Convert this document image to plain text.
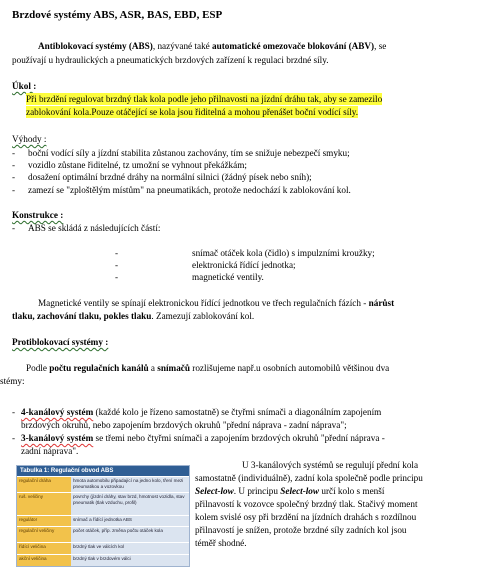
Brzdové systémy ABS, ASR, BAS, EBD, ESP
Antiblokovací systémy (ABS), nazývané také automatické omezovače blokování (ABV), se
používají u hydraulických a pneumatických brzdových zařízení k regulaci brzdné síly.
Úkol :
Při brzdění regulovat brzdný tlak kola podle jeho přilnavosti na jízdní dráhu tak, aby se zamezilo
zablokování kola.Pouze otáčející se kola jsou řiditelná a mohou přenášet boční vodící síly.
Výhody :
- boční vodící síly a jízdní stabilita zůstanou zachovány, tím se snižuje nebezpečí smyku;
- vozidlo zůstane řiditelné, tz umožní se vyhnout překážkám;
- dosažení optimální brzdné dráhy na normální silnici (žádný písek nebo sníh);
- zamezí se "zploštělým místům" na pneumatikách, protože nedochází k zablokování kol.
Konstrukce :
- ABS se skládá z následujících částí:
-	snímač otáček kola (čidlo) s impulzními kroužky;
-	elektronická řídící jednotka;
-	magnetické ventily.
Magnetické ventily se spínají elektronickou řídící jednotkou ve třech regulačních fázích - nárůst
tlaku, zachování tlaku, pokles tlaku. Zamezují zablokování kol.
Protiblokovací systémy :
Podle počtu regulačních kanálů a snímačů rozlišujeme např.u osobních automobilů většinou dva
stémy:
- 4-kanálový systém (každé kolo je řízeno samostatně) se čtyřmi snímači a diagonálním zapojením
brzdových okruhů, nebo zapojením brzdových okruhů "přední náprava - zadní náprava";
- 3-kanálový systém se třemi nebo čtyřmi snímači a zapojením brzdových okruhů "přední náprava -
zadní náprava".
U 3-kanálových systémů se regulují přední kola
samostatně (individuálně), zadní kola společně podle principu
Select-low. U principu Select-low určí kolo s menší
přilnavostí k vozovce společný brzdný tlak. Stačivý moment
kolem svislé osy při brzdění na jízdních drahách s rozdílnou
přilnavostí je snížen, protože brzdné síly zadních kol jsou
téměř shodné.
Tabulka 1: Regulační obvod ABS
regulační dráha	hmota automobilu připadající na jedno kolo, tření mezi pneumatikou a vozovkou
ruš. veličiny	povrchy (jízdní dráhy, stav brzd, hmotnost vozidla, stav pneumatik (tlak vzduchu, profil)
regulátor	snímač a řídící jednotka ABS
regulační veličiny	počet otáček, příp. změna počtu otáček kola
řídící veličina	brzdný tlak ve válcích kol
akční veličina	brzdný tlak v brzdovém válci
